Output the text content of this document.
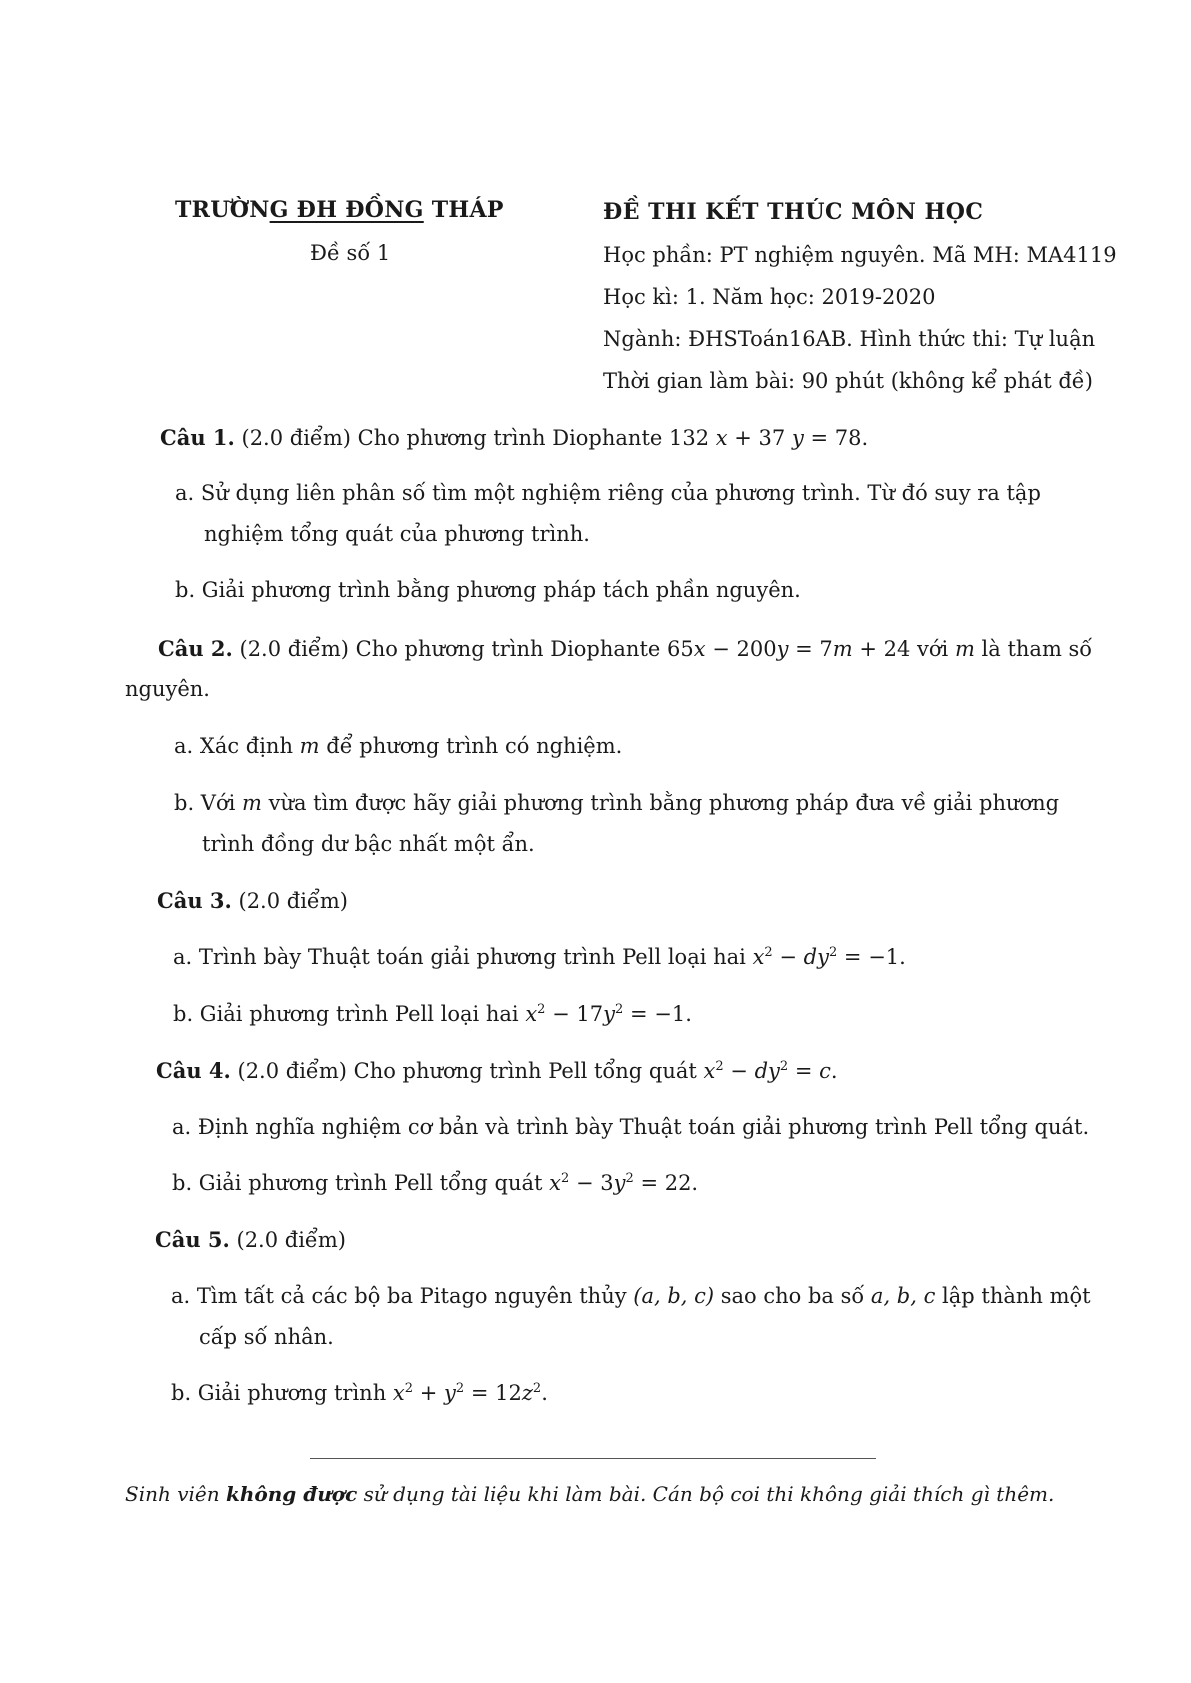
TRƯỜNG ĐH ĐỒNG THÁP
Đề số 1
ĐỀ THI KẾT THÚC MÔN HỌC
Học phần: PT nghiệm nguyên. Mã MH: MA4119
Học kì: 1. Năm học: 2019-2020
Ngành: ĐHSToán16AB. Hình thức thi: Tự luận
Thời gian làm bài: 90 phút (không kể phát đề)
Câu 1. (2.0 điểm) Cho phương trình Diophante 132 x + 37 y = 78.
a. Sử dụng liên phân số tìm một nghiệm riêng của phương trình. Từ đó suy ra tập
nghiệm tổng quát của phương trình.
b. Giải phương trình bằng phương pháp tách phần nguyên.
Câu 2. (2.0 điểm) Cho phương trình Diophante 65x − 200y = 7m + 24 với m là tham số
nguyên.
a. Xác định m để phương trình có nghiệm.
b. Với m vừa tìm được hãy giải phương trình bằng phương pháp đưa về giải phương
trình đồng dư bậc nhất một ẩn.
Câu 3. (2.0 điểm)
a. Trình bày Thuật toán giải phương trình Pell loại hai $x^2 - dy^2 = -1$.
b. Giải phương trình Pell loại hai $x^2 - 17y^2 = -1$.
Câu 4. (2.0 điểm) Cho phương trình Pell tổng quát $x^2 - dy^2 = c$.
a. Định nghĩa nghiệm cơ bản và trình bày Thuật toán giải phương trình Pell tổng quát.
b. Giải phương trình Pell tổng quát $x^2 - 3y^2 = 22$.
Câu 5. (2.0 điểm)
a. Tìm tất cả các bộ ba Pitago nguyên thủy (a, b, c) sao cho ba số a, b, c lập thành một
cấp số nhân.
b. Giải phương trình $x^2 + y^2 = 12z^2$.
Sinh viên không được sử dụng tài liệu khi làm bài. Cán bộ coi thi không giải thích gì thêm.
